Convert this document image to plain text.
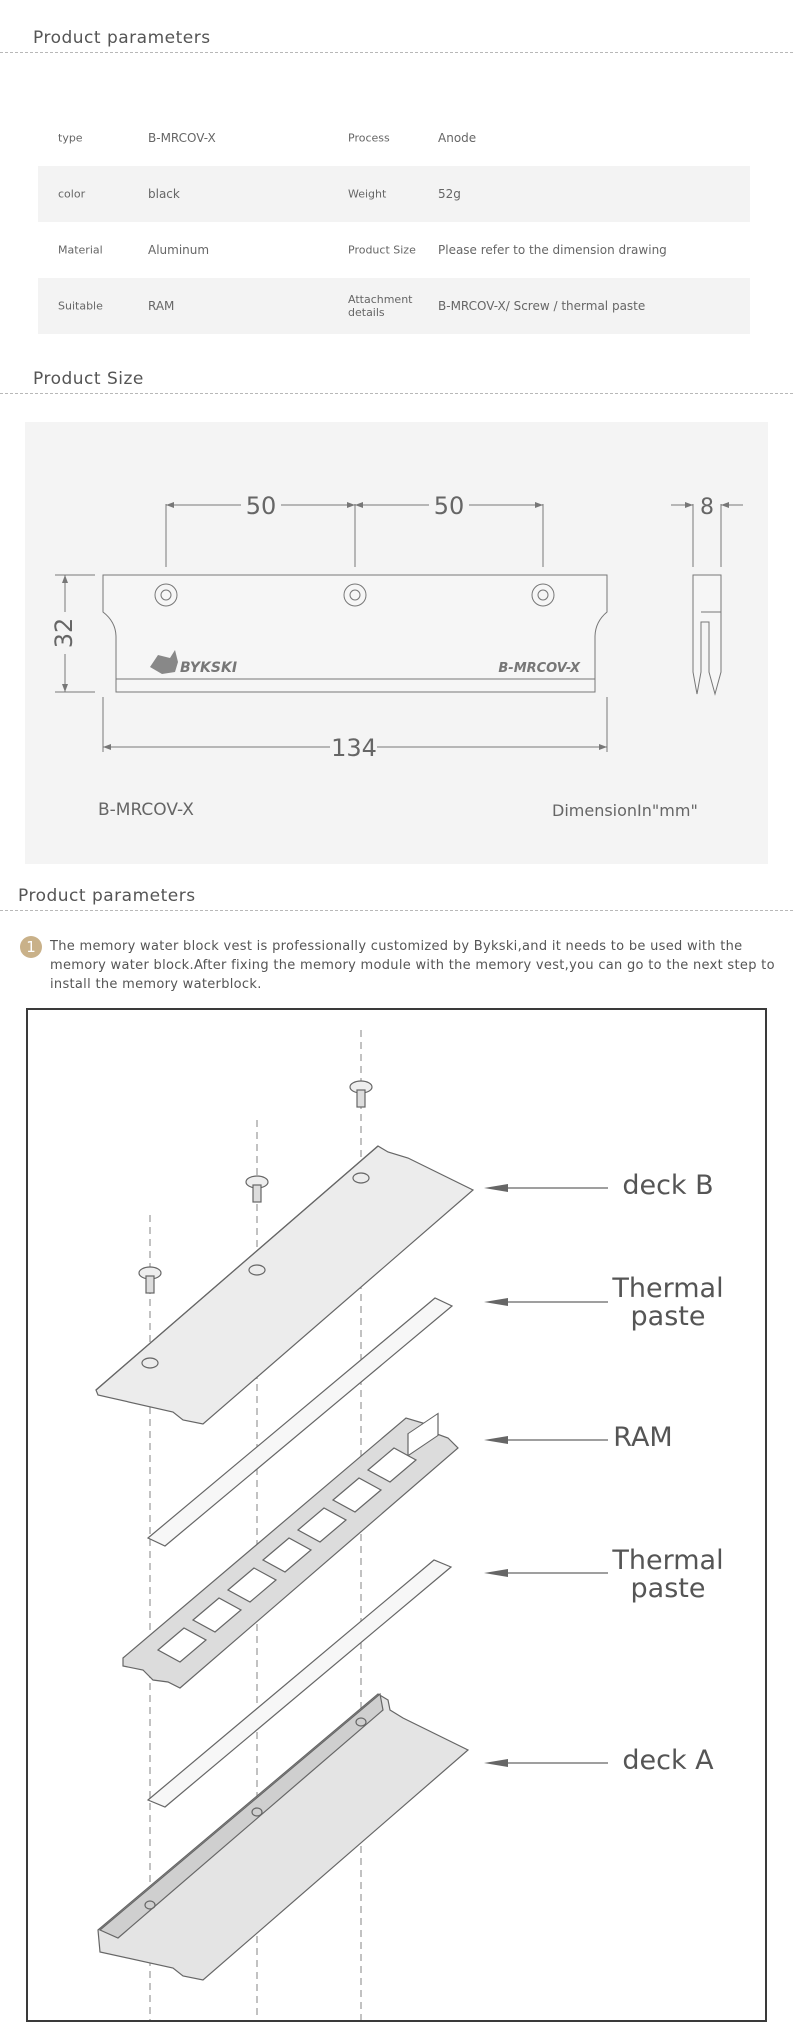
Product parameters
type	B-MRCOV-X	Process	Anode
color	black	Weight	52g
Material	Aluminum	Product Size	Please refer to the dimension drawing
Suitable	RAM	Attachment details	B-MRCOV-X/ Screw / thermal paste
Product Size
50	50	8
32
134
BYKSKI	B-MRCOV-X
B-MRCOV-X	DimensionIn"mm"
Product parameters
1	The memory water block vest is professionally customized by Bykski,and it needs to be used with the memory water block.After fixing the memory module with the memory vest,you can go to the next step to install the memory waterblock.
deck B
Thermal paste
RAM
Thermal paste
deck A
